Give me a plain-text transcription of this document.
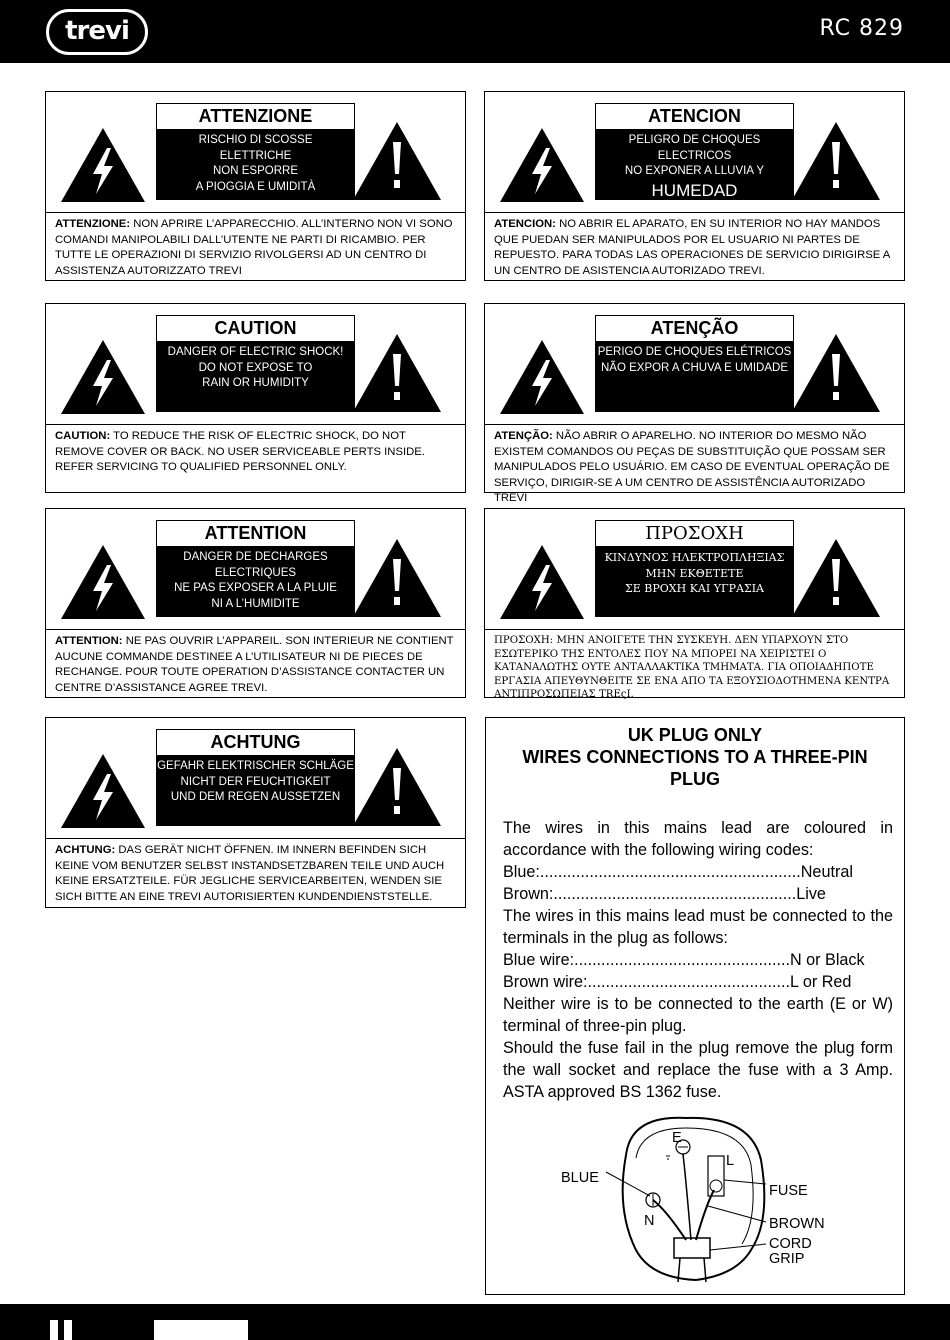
trevi	RC 829
ATTENZIONE
RISCHIO DI SCOSSE
ELETTRICHE
NON ESPORRE
A PIOGGIA E UMIDITÀ
ATTENZIONE: NON APRIRE L’APPARECCHIO. ALL’INTERNO NON VI SONO COMANDI MANIPOLABILI DALL’UTENTE NE PARTI DI RICAMBIO. PER TUTTE LE OPERAZIONI DI SERVIZIO RIVOLGERSI AD UN CENTRO DI ASSISTENZA AUTORIZZATO TREVI
ATENCION
PELIGRO DE CHOQUES ELECTRICOS
NO EXPONER A LLUVIA Y
HUMEDAD
ATENCION: NO ABRIR EL APARATO, EN SU INTERIOR NO HAY MANDOS QUE PUEDAN SER MANIPULADOS POR EL USUARIO NI PARTES DE REPUESTO. PARA TODAS LAS OPERACIONES DE SERVICIO DIRIGIRSE A UN CENTRO DE ASISTENCIA AUTORIZADO TREVI.
CAUTION
DANGER OF ELECTRIC SHOCK!
DO NOT EXPOSE TO
RAIN OR HUMIDITY
CAUTION: TO REDUCE THE RISK OF ELECTRIC SHOCK, DO NOT REMOVE COVER OR BACK. NO USER SERVICEABLE PERTS INSIDE. REFER SERVICING TO QUALIFIED PERSONNEL ONLY.
ATENÇÃO
PERIGO DE CHOQUES ELÉTRICOS
NÃO EXPOR A CHUVA E UMIDADE
ATENÇÃO: NÃO ABRIR O APARELHO. NO INTERIOR DO MESMO NÃO EXISTEM COMANDOS OU PEÇAS DE SUBSTITUIÇÃO QUE POSSAM SER MANIPULADOS PELO USUÁRIO. EM CASO DE EVENTUAL OPERAÇÃO DE SERVIÇO, DIRIGIR-SE A UM CENTRO DE ASSISTÊNCIA AUTORIZADO TREVI
ATTENTION
DANGER DE DECHARGES
ELECTRIQUES
NE PAS EXPOSER A LA PLUIE
NI A L’HUMIDITE
ATTENTION: NE PAS OUVRIR L’APPAREIL. SON INTERIEUR NE CONTIENT AUCUNE COMMANDE DESTINEE A L’UTILISATEUR NI DE PIECES DE RECHANGE. POUR TOUTE OPERATION D’ASSISTANCE CONTACTER UN CENTRE D’ASSISTANCE AGREE TREVI.
ΠΡΟΣΟΧΗ
ΚΙΝΔΥΝΟΣ ΗΛΕΚΤΡΟΠΛΗΞΙΑΣ
ΜΗΝ ΕΚΘΕΤΕΤΕ
ΣΕ ΒΡΟΧΗ ΚΑΙ ΥΓΡΑΣΙΑ
ΠΡΟΣΟΧΗ: ΜΗΝ ΑΝΟΙΓΕΤΕ ΤΗΝ ΣΥΣΚΕΥΗ. ΔΕΝ ΥΠΑΡΧΟΥΝ ΣΤΟ ΕΣΩΤΕΡΙΚΟ ΤΗΣ ΕΝΤΟΛΕΣ ΠΟΥ ΝΑ ΜΠΟΡΕΙ ΝΑ ΧΕΙΡΙΣΤΕΙ Ο ΚΑΤΑΝΑΛΩΤΗΣ ΟΥΤΕ ΑΝΤΑΛΛΑΚΤΙΚΑ ΤΜΗΜΑΤΑ. ΓΙΑ ΟΠΟΙΑΔΗΠΟΤΕ ΕΡΓΑΣΙΑ ΑΠΕΥΘΥΝΘΕΙΤΕ ΣΕ ΕΝΑ ΑΠΟ ΤΑ ΕΞΟΥΣΙΟΔΟΤΗΜΕΝΑ ΚΕΝΤΡΑ ΑΝΤΙΠΡΟΣΩΠΕΙΑΣ TREςI.
ACHTUNG
GEFAHR ELEKTRISCHER SCHLÄGE
NICHT DER FEUCHTIGKEIT
UND DEM REGEN AUSSETZEN
ACHTUNG: DAS GERÄT NICHT ÖFFNEN. IM INNERN BEFINDEN SICH KEINE VOM BENUTZER SELBST INSTANDSETZBAREN TEILE UND AUCH KEINE ERSATZTEILE. FÜR JEGLICHE SERVICEARBEITEN, WENDEN SIE SICH BITTE AN EINE TREVI AUTORISIERTEN KUNDENDIENSTSTELLE.
UK PLUG ONLY
WIRES CONNECTIONS TO A THREE-PIN
PLUG
The wires in this mains lead are coloured in accordance with the following wiring codes:
Blue:..........................................................Neutral
Brown:......................................................Live
The wires in this mains lead must be connected to the terminals in the plug as follows:
Blue wire:................................................N or Black
Brown wire:.............................................L or Red
Neither wire is to be connected to the earth (E or W) terminal of three-pin plug.
Should the fuse fail in the plug remove the plug form the wall socket and replace the fuse with a 3 Amp. ASTA approved BS 1362 fuse.
E
L
N
BLUE
FUSE
BROWN
CORD
GRIP
